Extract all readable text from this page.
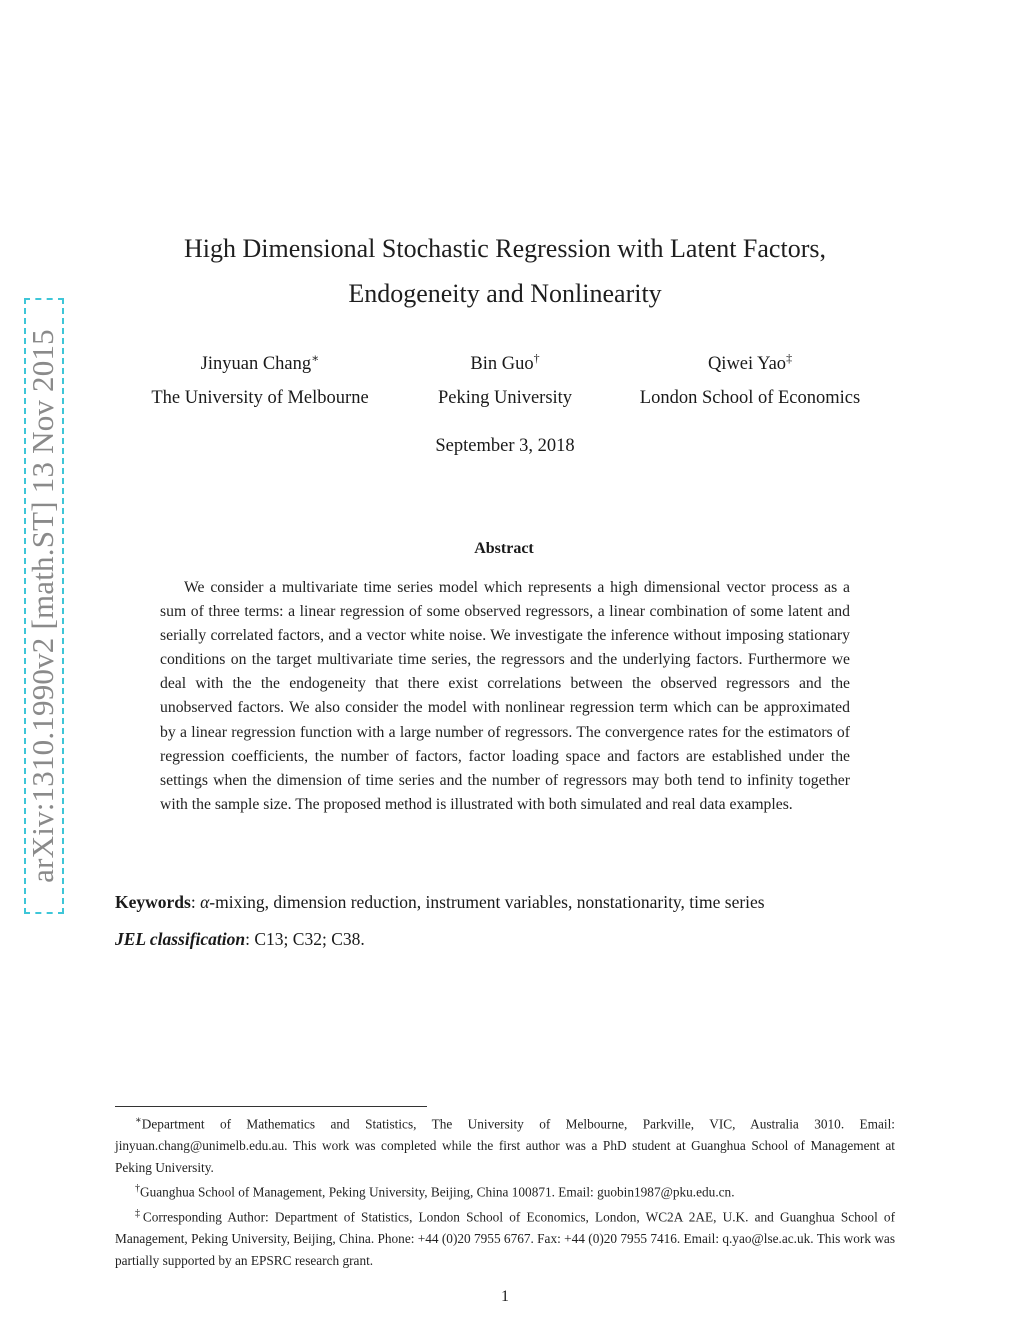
arXiv:1310.1990v2 [math.ST] 13 Nov 2015
High Dimensional Stochastic Regression with Latent Factors,
Endogeneity and Nonlinearity
Jinyuan Chang∗	Bin Guo†	Qiwei Yao‡
The University of Melbourne	Peking University	London School of Economics
September 3, 2018
Abstract
We consider a multivariate time series model which represents a high dimensional vector process as a sum of three terms: a linear regression of some observed regressors, a linear combination of some latent and serially correlated factors, and a vector white noise. We investigate the inference without imposing stationary conditions on the target multivariate time series, the regressors and the underlying factors. Furthermore we deal with the the endogeneity that there exist correlations between the observed regressors and the unobserved factors. We also consider the model with nonlinear regression term which can be approximated by a linear regression function with a large number of regressors. The convergence rates for the estimators of regression coefficients, the number of factors, factor loading space and factors are established under the settings when the dimension of time series and the number of regressors may both tend to infinity together with the sample size. The proposed method is illustrated with both simulated and real data examples.
Keywords: α-mixing, dimension reduction, instrument variables, nonstationarity, time series
JEL classification: C13; C32; C38.

∗Department of Mathematics and Statistics, The University of Melbourne, Parkville, VIC, Australia 3010. Email: jinyuan.chang@unimelb.edu.au. This work was completed while the first author was a PhD student at Guanghua School of Management at Peking University.

†Guanghua School of Management, Peking University, Beijing, China 100871. Email: guobin1987@pku.edu.cn.

‡Corresponding Author: Department of Statistics, London School of Economics, London, WC2A 2AE, U.K. and Guanghua School of Management, Peking University, Beijing, China. Phone: +44 (0)20 7955 6767. Fax: +44 (0)20 7955 7416. Email: q.yao@lse.ac.uk. This work was partially supported by an EPSRC research grant.

1
